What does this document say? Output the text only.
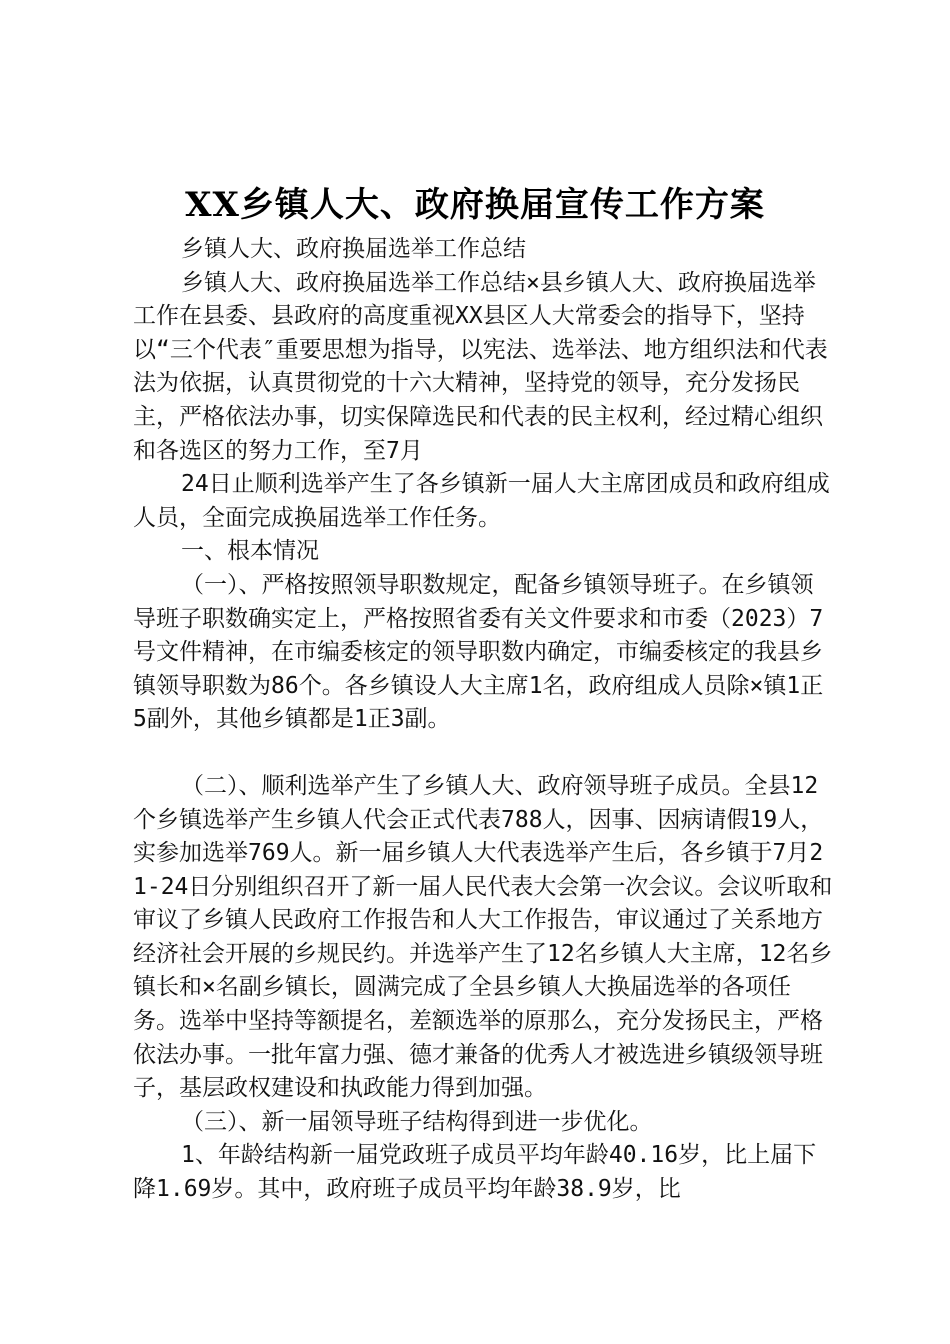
XX乡镇人大、政府换届宣传工作方案

乡镇人大、政府换届选举工作总结

乡镇人大、政府换届选举工作总结×县乡镇人大、政府换届选举工作在县委、县政府的高度重视XX县区人大常委会的指导下，坚持以“三个代表″重要思想为指导，以宪法、选举法、地方组织法和代表法为依据，认真贯彻党的十六大精神，坚持党的领导，充分发扬民主，严格依法办事，切实保障选民和代表的民主权利，经过精心组织和各选区的努力工作，至7月

24日止顺利选举产生了各乡镇新一届人大主席团成员和政府组成人员，全面完成换届选举工作任务。

一、根本情况

（一）、严格按照领导职数规定，配备乡镇领导班子。在乡镇领导班子职数确实定上，严格按照省委有关文件要求和市委（2023）7号文件精神，在市编委核定的领导职数内确定，市编委核定的我县乡镇领导职数为86个。各乡镇设人大主席1名，政府组成人员除×镇1正5副外，其他乡镇都是1正3副。

（二）、顺利选举产生了乡镇人大、政府领导班子成员。全县12个乡镇选举产生乡镇人代会正式代表788人，因事、因病请假19人，实参加选举769人。新一届乡镇人大代表选举产生后，各乡镇于7月21-24日分别组织召开了新一届人民代表大会第一次会议。会议听取和审议了乡镇人民政府工作报告和人大工作报告，审议通过了关系地方经济社会开展的乡规民约。并选举产生了12名乡镇人大主席，12名乡镇长和×名副乡镇长，圆满完成了全县乡镇人大换届选举的各项任务。选举中坚持等额提名，差额选举的原那么，充分发扬民主，严格依法办事。一批年富力强、德才兼备的优秀人才被选进乡镇级领导班子，基层政权建设和执政能力得到加强。

（三）、新一届领导班子结构得到进一步优化。

1、年龄结构新一届党政班子成员平均年龄40.16岁，比上届下降1.69岁。其中，政府班子成员平均年龄38.9岁，比
